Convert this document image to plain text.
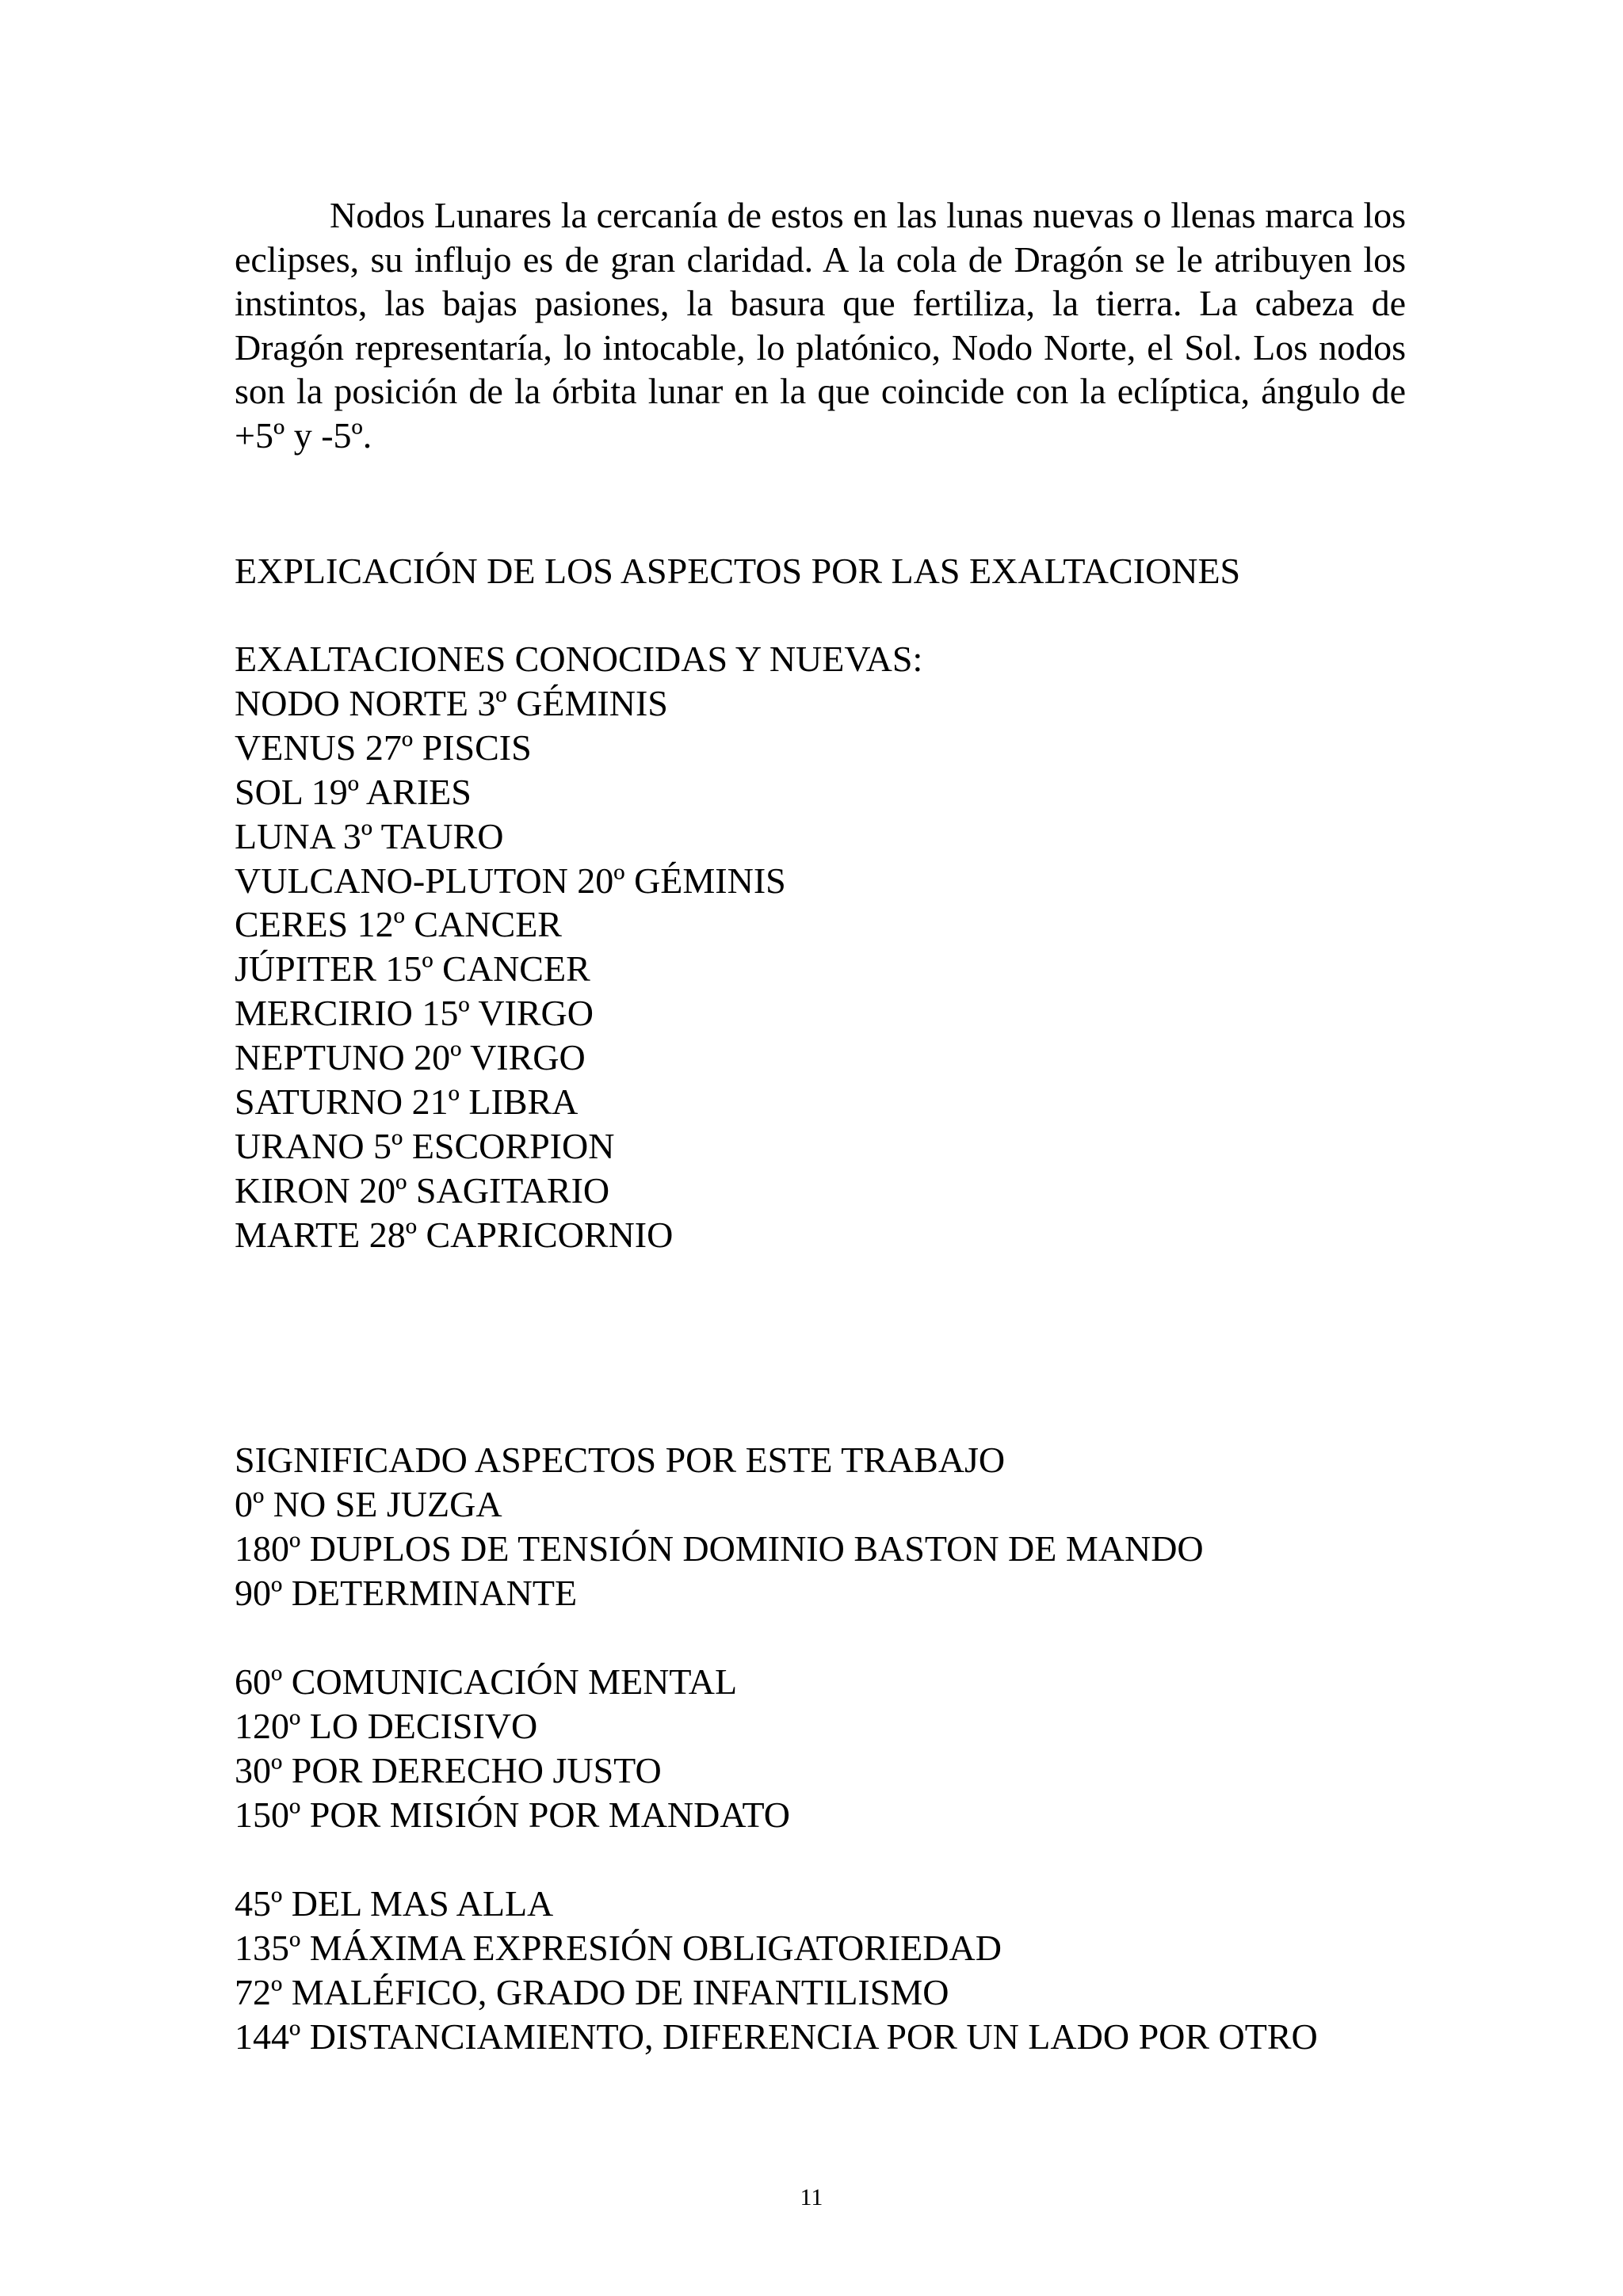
Nodos Lunares la cercanía de estos en las lunas nuevas o llenas marca los eclipses, su influjo es de gran claridad. A la cola de Dragón se le atribuyen los instintos, las bajas pasiones, la basura que fertiliza, la tierra. La cabeza de Dragón representaría, lo intocable, lo platónico, Nodo Norte, el Sol. Los nodos son la posición de la órbita lunar en la que coincide con la eclíptica, ángulo de +5º y -5º.

EXPLICACIÓN DE LOS ASPECTOS POR LAS EXALTACIONES

EXALTACIONES CONOCIDAS Y NUEVAS:

NODO NORTE 3º GÉMINIS
VENUS 27º PISCIS
SOL 19º ARIES
LUNA 3º TAURO
VULCANO-PLUTON 20º GÉMINIS
CERES 12º CANCER
JÚPITER 15º CANCER
MERCIRIO 15º VIRGO
NEPTUNO 20º VIRGO
SATURNO 21º LIBRA
URANO 5º ESCORPION
KIRON 20º SAGITARIO
MARTE 28º CAPRICORNIO

SIGNIFICADO ASPECTOS POR ESTE TRABAJO

0º NO SE JUZGA
180º DUPLOS DE TENSIÓN DOMINIO BASTON DE MANDO
90º DETERMINANTE
60º COMUNICACIÓN MENTAL
120º LO DECISIVO
30º POR DERECHO JUSTO
150º POR MISIÓN POR MANDATO
45º DEL MAS ALLA
135º MÁXIMA EXPRESIÓN OBLIGATORIEDAD
72º MALÉFICO, GRADO DE INFANTILISMO
144º DISTANCIAMIENTO, DIFERENCIA POR UN LADO POR OTRO
11
